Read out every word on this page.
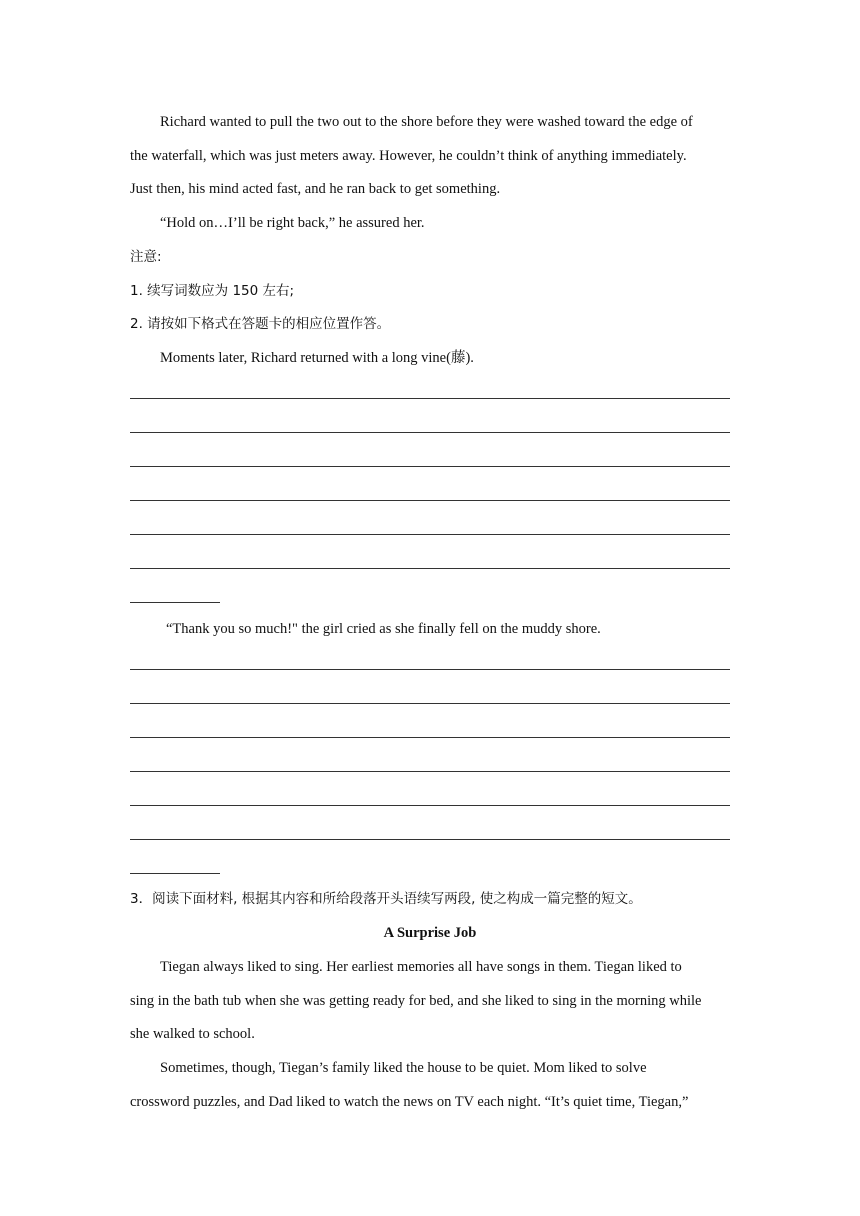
Richard wanted to pull the two out to the shore before they were washed toward the edge of
the waterfall, which was just meters away. However, he couldn’t think of anything immediately.
Just then, his mind acted fast, and he ran back to get something.
“Hold on…I’ll be right back,” he assured her.
注意:
1. 续写词数应为 150 左右;
2. 请按如下格式在答题卡的相应位置作答。
Moments later, Richard returned with a long vine(藤).
“Thank you so much!" the girl cried as she finally fell on the muddy shore.
3．阅读下面材料, 根据其内容和所给段落开头语续写两段, 使之构成一篇完整的短文。
A Surprise Job
Tiegan always liked to sing. Her earliest memories all have songs in them. Tiegan liked to
sing in the bath tub when she was getting ready for bed, and she liked to sing in the morning while
she walked to school.
Sometimes, though, Tiegan’s family liked the house to be quiet. Mom liked to solve
crossword puzzles, and Dad liked to watch the news on TV each night. “It’s quiet time, Tiegan,”
